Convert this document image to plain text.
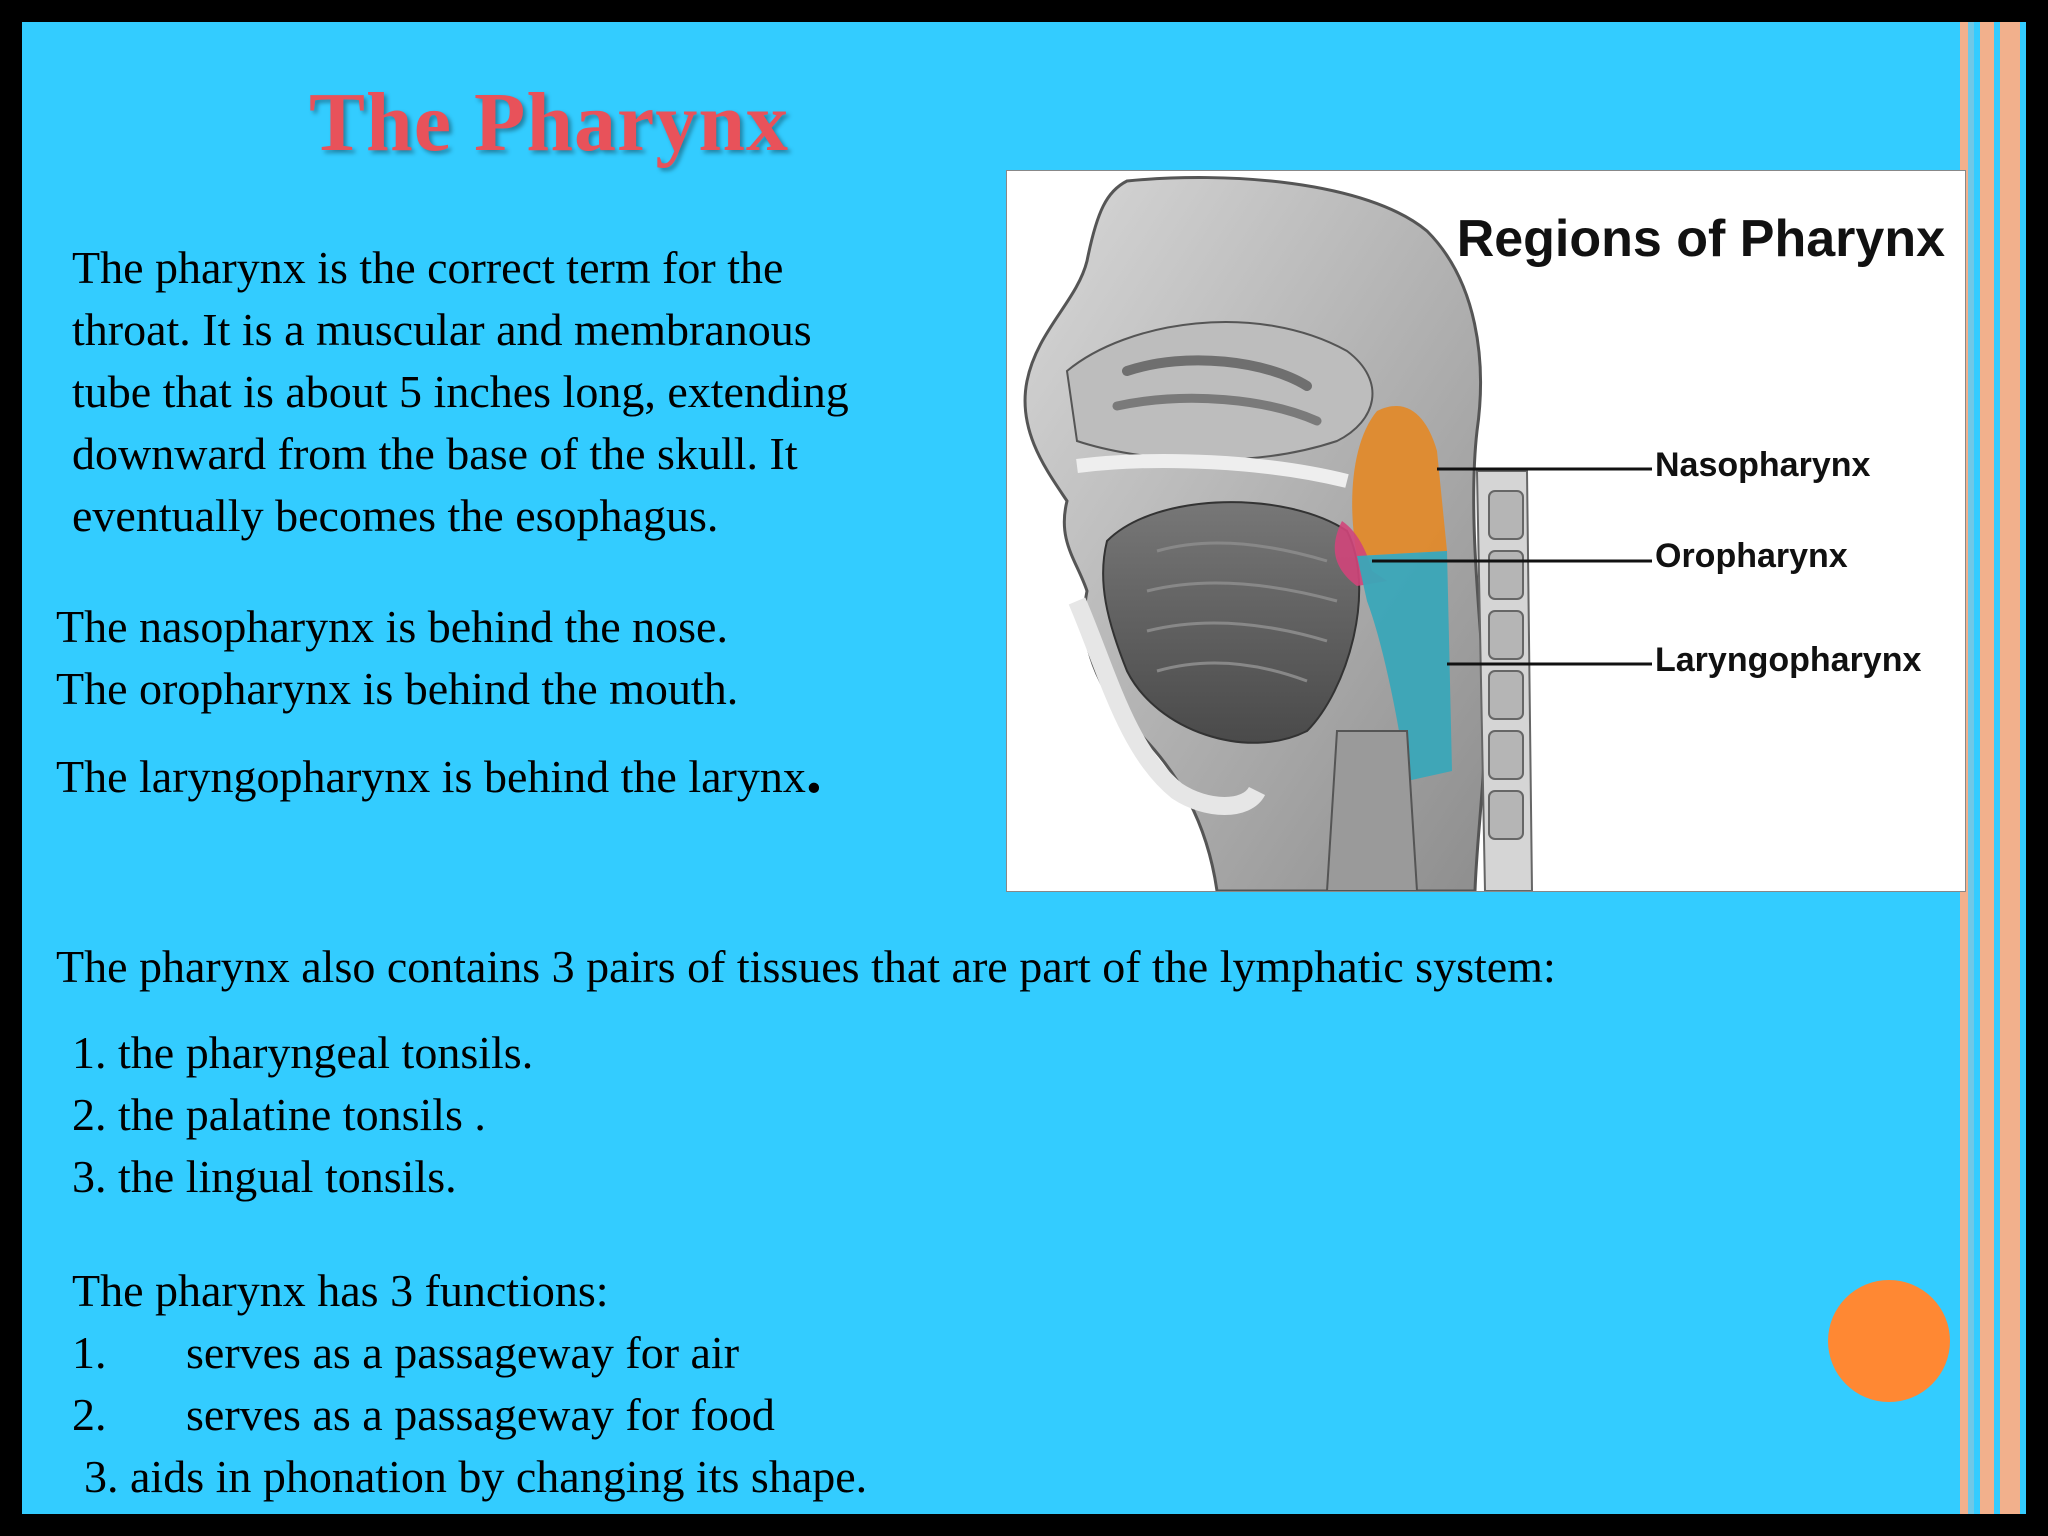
The Pharynx
The pharynx is the correct term for the
throat. It is a muscular and membranous
tube that is about 5 inches long, extending
downward from the base of the skull. It
eventually becomes the esophagus.
The nasopharynx is behind the nose.
The oropharynx is behind the mouth.
The laryngopharynx is behind the larynx.
Regions of Pharynx
Nasopharynx
Oropharynx
Laryngopharynx
The pharynx also contains 3 pairs of tissues that are part of the lymphatic system:
1. the pharyngeal tonsils.
2. the palatine tonsils .
3. the lingual tonsils.
The pharynx has 3 functions:
1. serves as a passageway for air
2. serves as a passageway for food
3. aids in phonation by changing its shape.
